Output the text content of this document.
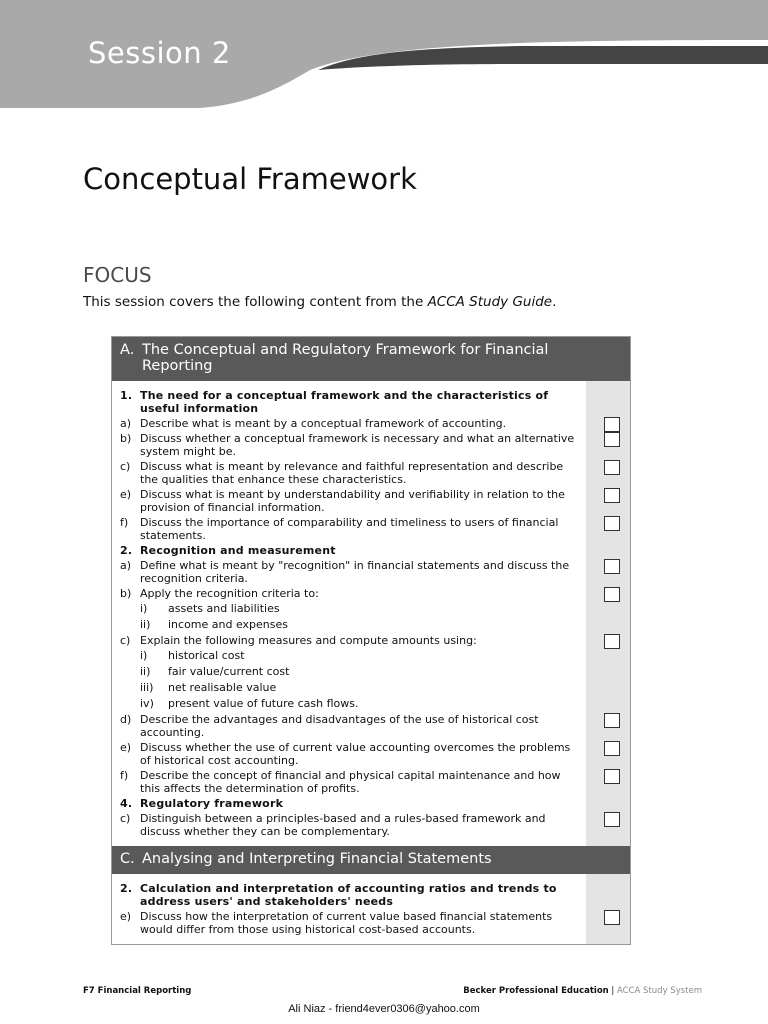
Session 2
Conceptual Framework
FOCUS
This session covers the following content from the ACCA Study Guide.
A. The Conceptual and Regulatory Framework for Financial Reporting
1. The need for a conceptual framework and the characteristics of useful information
a) Describe what is meant by a conceptual framework of accounting.
b) Discuss whether a conceptual framework is necessary and what an alternative system might be.
c) Discuss what is meant by relevance and faithful representation and describe the qualities that enhance these characteristics.
e) Discuss what is meant by understandability and verifiability in relation to the provision of financial information.
f)	Discuss the importance of comparability and timeliness to users of financial statements.
2. Recognition and measurement
a) Define what is meant by "recognition" in financial statements and discuss the recognition criteria.
b) Apply the recognition criteria to:
i)	assets and liabilities
ii)	income and expenses
c) Explain the following measures and compute amounts using:
i)	historical cost
ii)	fair value/current cost
iii)	net realisable value
iv)	present value of future cash flows.
d) Describe the advantages and disadvantages of the use of historical cost accounting.
e) Discuss whether the use of current value accounting overcomes the problems of historical cost accounting.
f)	Describe the concept of financial and physical capital maintenance and how this affects the determination of profits.
4. Regulatory framework
c) Distinguish between a principles-based and a rules-based framework and discuss whether they can be complementary.
C. Analysing and Interpreting Financial Statements
2. Calculation and interpretation of accounting ratios and trends to address users' and stakeholders' needs
e) Discuss how the interpretation of current value based financial statements would differ from those using historical cost-based accounts.
F7 Financial Reporting	Becker Professional Education | ACCA Study System
Ali Niaz - friend4ever0306@yahoo.com
